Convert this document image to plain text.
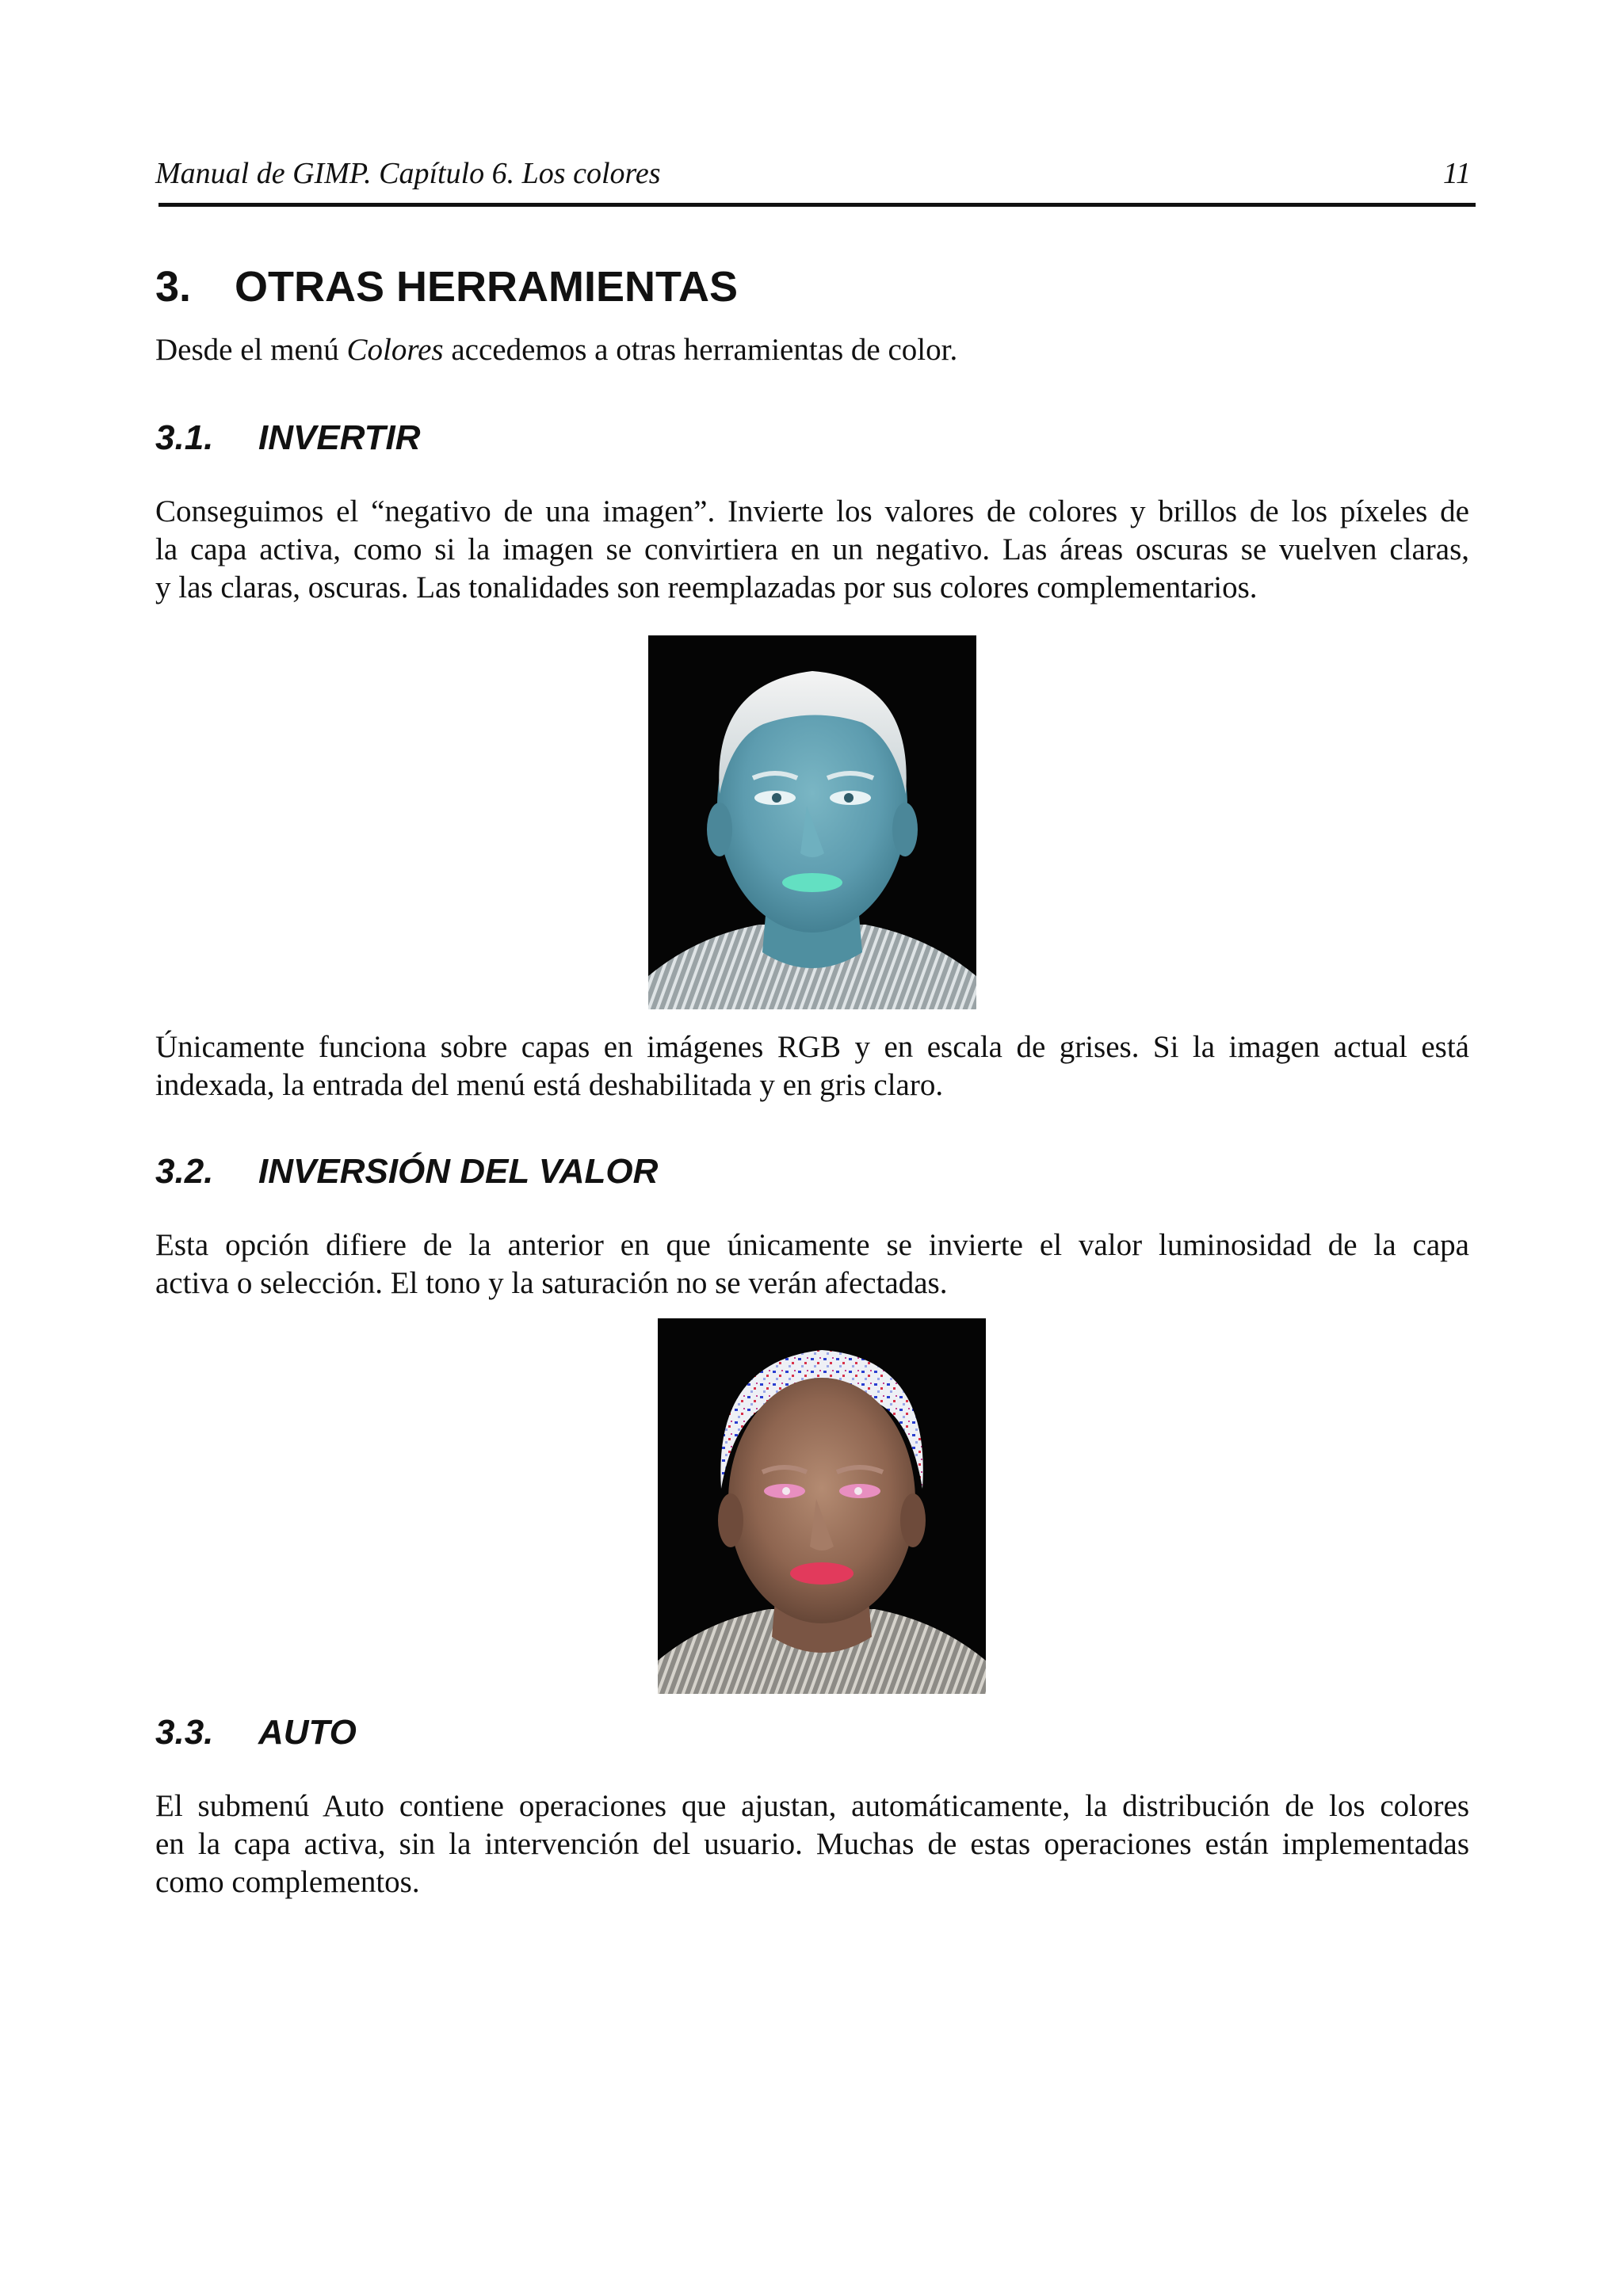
Manual de GIMP. Capítulo 6. Los colores	11
3. OTRAS HERRAMIENTAS

Desde el menú Colores accedemos a otras herramientas de color.

3.1. INVERTIR

Conseguimos el “negativo de una imagen”. Invierte los valores de colores y brillos de los píxeles de
la capa activa, como si la imagen se convirtiera en un negativo. Las áreas oscuras se vuelven claras,
y las claras, oscuras. Las tonalidades son reemplazadas por sus colores complementarios.

Únicamente funciona sobre capas en imágenes RGB y en escala de grises. Si la imagen actual está
indexada, la entrada del menú está deshabilitada y en gris claro.

3.2. INVERSIÓN DEL VALOR

Esta opción difiere de la anterior en que únicamente se invierte el valor luminosidad de la capa
activa o selección. El tono y la saturación no se verán afectadas.

3.3. AUTO

El submenú Auto contiene operaciones que ajustan, automáticamente, la distribución de los colores
en la capa activa, sin la intervención del usuario. Muchas de estas operaciones están implementadas
como complementos.
